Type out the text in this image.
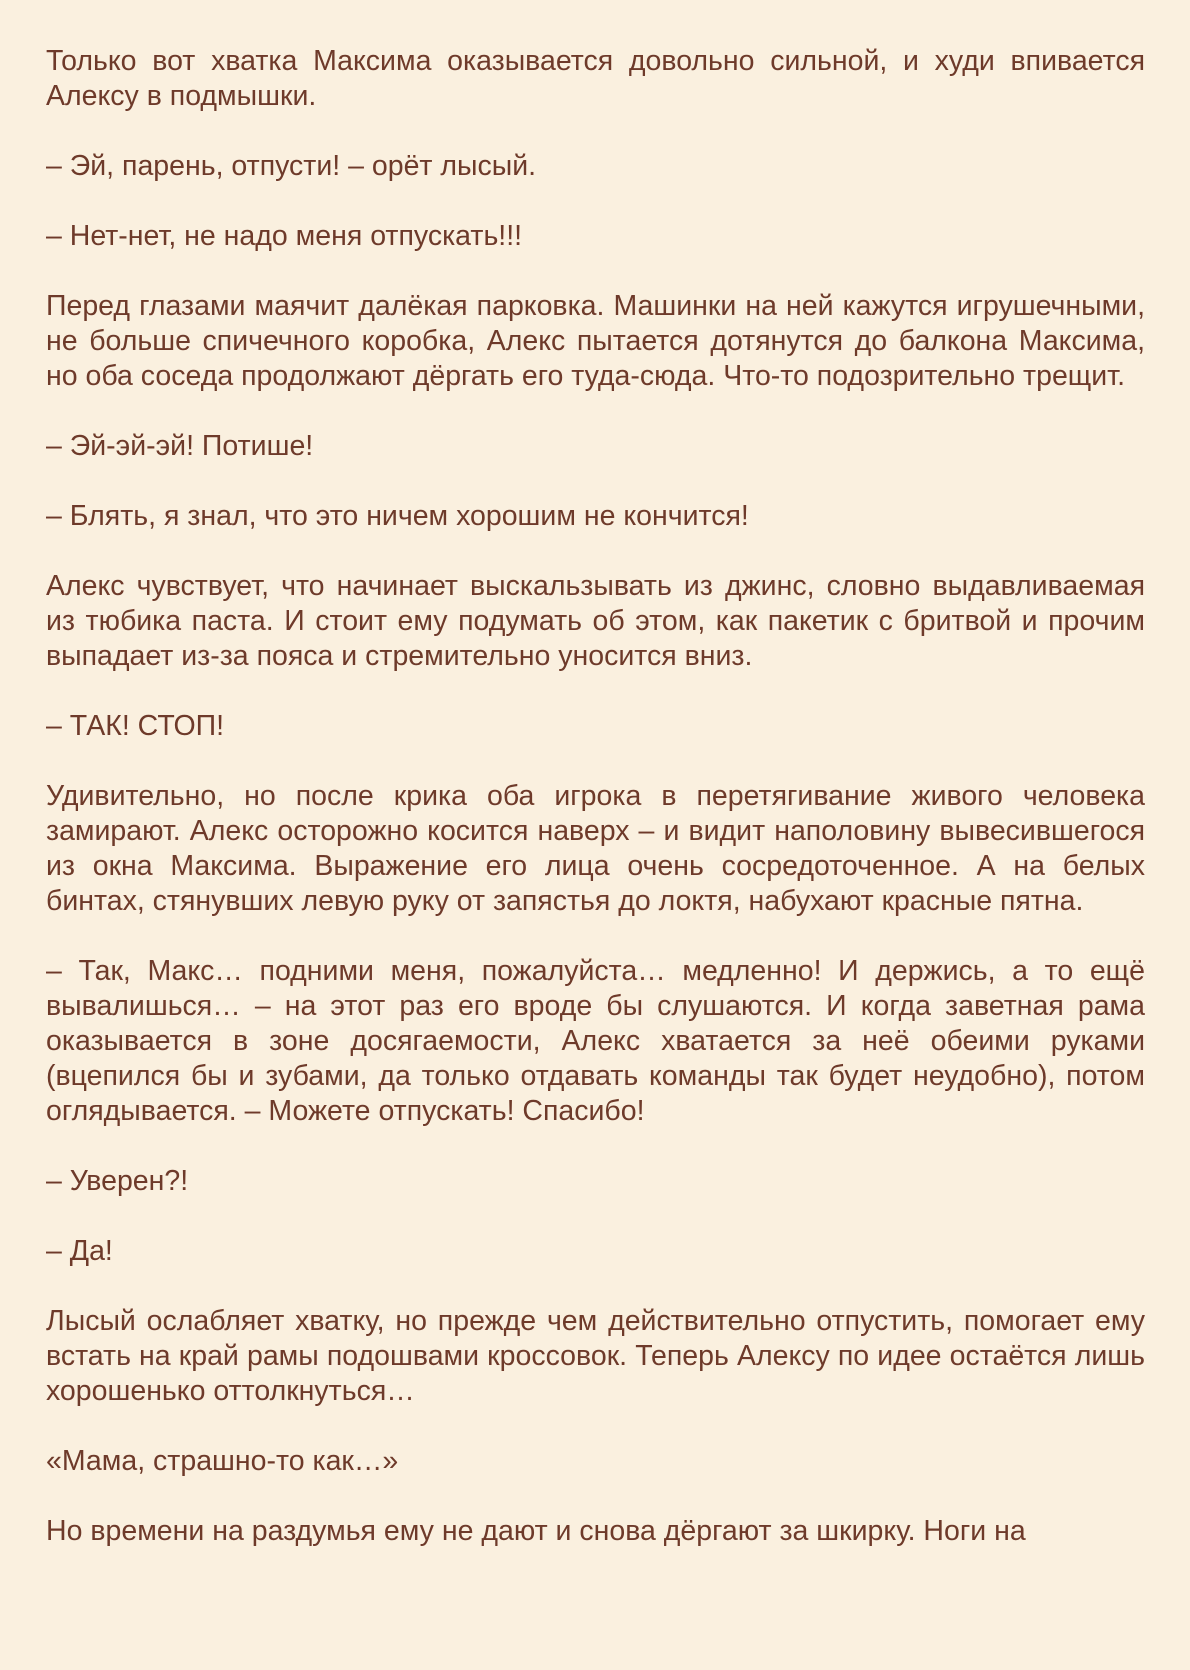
Только вот хватка Максима оказывается довольно сильной, и худи впивается Алексу в подмышки.

– Эй, парень, отпусти! – орёт лысый.

– Нет-нет, не надо меня отпускать!!!

Перед глазами маячит далёкая парковка. Машинки на ней кажутся игрушечными, не больше спичечного коробка, Алекс пытается дотянутся до балкона Максима, но оба соседа продолжают дёргать его туда-сюда. Что-то подозрительно трещит.

– Эй-эй-эй! Потише!

– Блять, я знал, что это ничем хорошим не кончится!

Алекс чувствует, что начинает выскальзывать из джинс, словно выдавливаемая из тюбика паста. И стоит ему подумать об этом, как пакетик с бритвой и прочим выпадает из-за пояса и стремительно уносится вниз.

– ТАК! СТОП!

Удивительно, но после крика оба игрока в перетягивание живого человека замирают. Алекс осторожно косится наверх – и видит наполовину вывесившегося из окна Максима. Выражение его лица очень сосредоточенное. А на белых бинтах, стянувших левую руку от запястья до локтя, набухают красные пятна.

– Так, Макс… подними меня, пожалуйста… медленно! И держись, а то ещё вывалишься… – на этот раз его вроде бы слушаются. И когда заветная рама оказывается в зоне досягаемости, Алекс хватается за неё обеими руками (вцепился бы и зубами, да только отдавать команды так будет неудобно), потом оглядывается. – Можете отпускать! Спасибо!

– Уверен?!

– Да!

Лысый ослабляет хватку, но прежде чем действительно отпустить, помогает ему встать на край рамы подошвами кроссовок. Теперь Алексу по идее остаётся лишь хорошенько оттолкнуться…

«Мама, страшно-то как…»

Но времени на раздумья ему не дают и снова дёргают за шкирку. Ноги на
